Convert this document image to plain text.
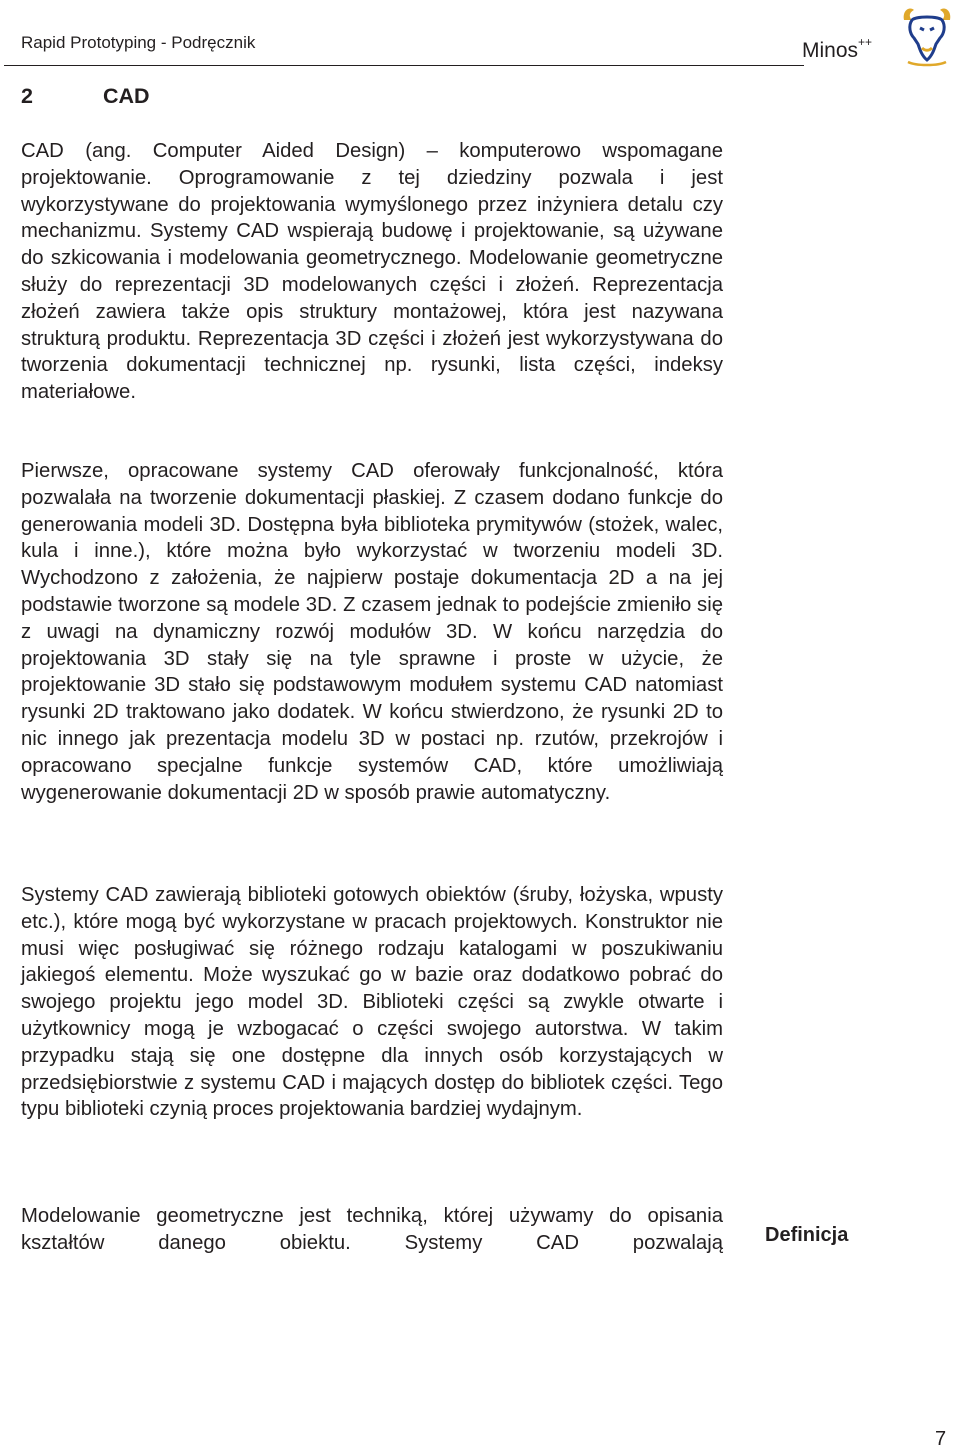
Rapid Prototyping - Podręcznik	Minos++
2	CAD

CAD (ang. Computer Aided Design) – komputerowo wspomagane projektowanie. Oprogramowanie z tej dziedziny pozwala i jest wykorzystywane do projektowania wymyślonego przez inżyniera detalu czy mechanizmu. Systemy CAD wspierają budowę i projektowanie, są używane do szkicowania i modelowania geometrycznego. Modelowanie geometryczne służy do reprezentacji 3D modelowanych części i złożeń. Reprezentacja złożeń zawiera także opis struktury montażowej, która jest nazywana strukturą produktu. Reprezentacja 3D części i złożeń jest wykorzystywana do tworzenia dokumentacji technicznej np. rysunki, lista części, indeksy materiałowe.

Pierwsze, opracowane systemy CAD oferowały funkcjonalność, która pozwalała na tworzenie dokumentacji płaskiej. Z czasem dodano funkcje do generowania modeli 3D. Dostępna była biblioteka prymitywów (stożek, walec, kula i inne.), które można było wykorzystać w tworzeniu modeli 3D. Wychodzono z założenia, że najpierw postaje dokumentacja 2D a na jej podstawie tworzone są modele 3D. Z czasem jednak to podejście zmieniło się z uwagi na dynamiczny rozwój modułów 3D. W końcu narzędzia do projektowania 3D stały się na tyle sprawne i proste w użycie, że projektowanie 3D stało się podstawowym modułem systemu CAD natomiast rysunki 2D traktowano jako dodatek. W końcu stwierdzono, że rysunki 2D to nic innego jak prezentacja modelu 3D w postaci np. rzutów, przekrojów i opracowano specjalne funkcje systemów CAD, które umożliwiają wygenerowanie dokumentacji 2D w sposób prawie automatyczny.

Systemy CAD zawierają biblioteki gotowych obiektów (śruby, łożyska, wpusty etc.), które mogą być wykorzystane w pracach projektowych. Konstruktor nie musi więc posługiwać się różnego rodzaju katalogami w poszukiwaniu jakiegoś elementu. Może wyszukać go w bazie oraz dodatkowo pobrać do swojego projektu jego model 3D. Biblioteki części są zwykle otwarte i użytkownicy mogą je wzbogacać o części swojego autorstwa. W takim przypadku stają się one dostępne dla innych osób korzystających w przedsiębiorstwie z systemu CAD i mających dostęp do bibliotek części. Tego typu biblioteki czynią proces projektowania bardziej wydajnym.

Modelowanie geometryczne jest techniką, której używamy do opisania kształtów danego obiektu. Systemy CAD pozwalają Definicja
7
